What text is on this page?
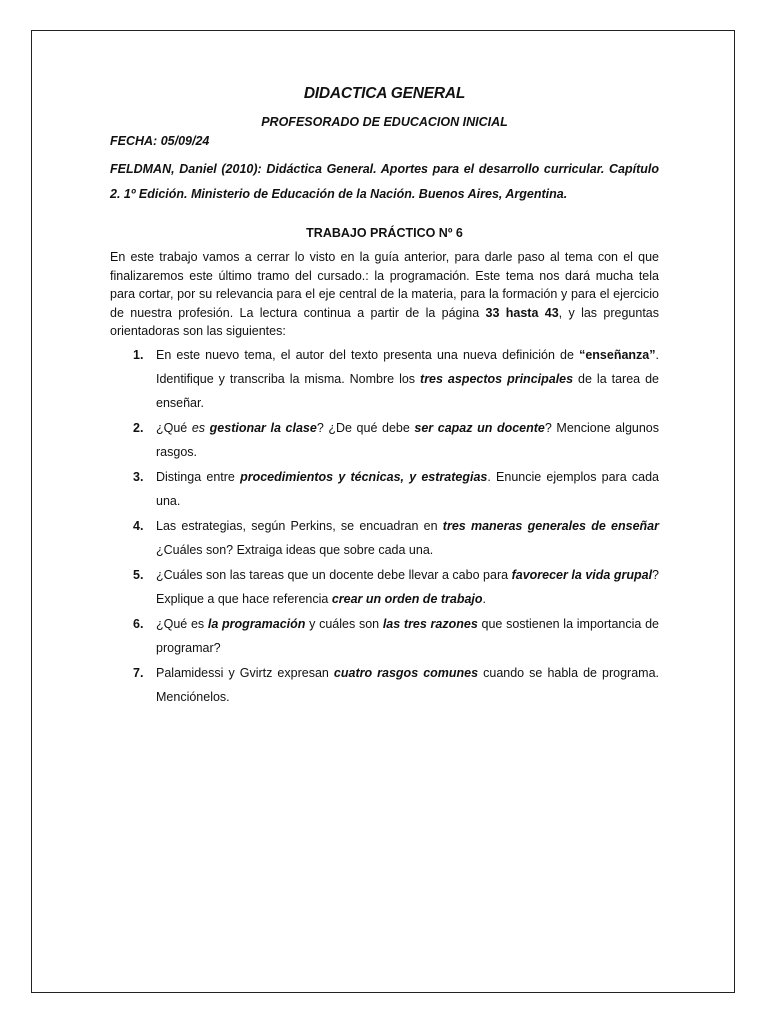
DIDACTICA GENERAL

PROFESORADO DE EDUCACION INICIAL

FECHA: 05/09/24

FELDMAN, Daniel (2010): Didáctica General. Aportes para el desarrollo curricular. Capítulo 2. 1º Edición. Ministerio de Educación de la Nación. Buenos Aires, Argentina.

TRABAJO PRÁCTICO Nº 6

En este trabajo vamos a cerrar lo visto en la guía anterior, para darle paso al tema con el que finalizaremos este último tramo del cursado.: la programación. Este tema nos dará mucha tela para cortar, por su relevancia para el eje central de la materia, para la formación y para el ejercicio de nuestra profesión. La lectura continua a partir de la página 33 hasta 43, y las preguntas orientadoras son las siguientes:

1.	En este nuevo tema, el autor del texto presenta una nueva definición de “enseñanza”. Identifique y transcriba la misma. Nombre los tres aspectos principales de la tarea de enseñar.
2.	¿Qué es gestionar la clase? ¿De qué debe ser capaz un docente? Mencione algunos rasgos.
3.	Distinga entre procedimientos y técnicas, y estrategias. Enuncie ejemplos para cada una.
4.	Las estrategias, según Perkins, se encuadran en tres maneras generales de enseñar ¿Cuáles son? Extraiga ideas que sobre cada una.
5.	¿Cuáles son las tareas que un docente debe llevar a cabo para favorecer la vida grupal? Explique a que hace referencia crear un orden de trabajo.
6.	¿Qué es la programación y cuáles son las tres razones que sostienen la importancia de programar?
7.	Palamidessi y Gvirtz expresan cuatro rasgos comunes cuando se habla de programa. Menciónelos.
